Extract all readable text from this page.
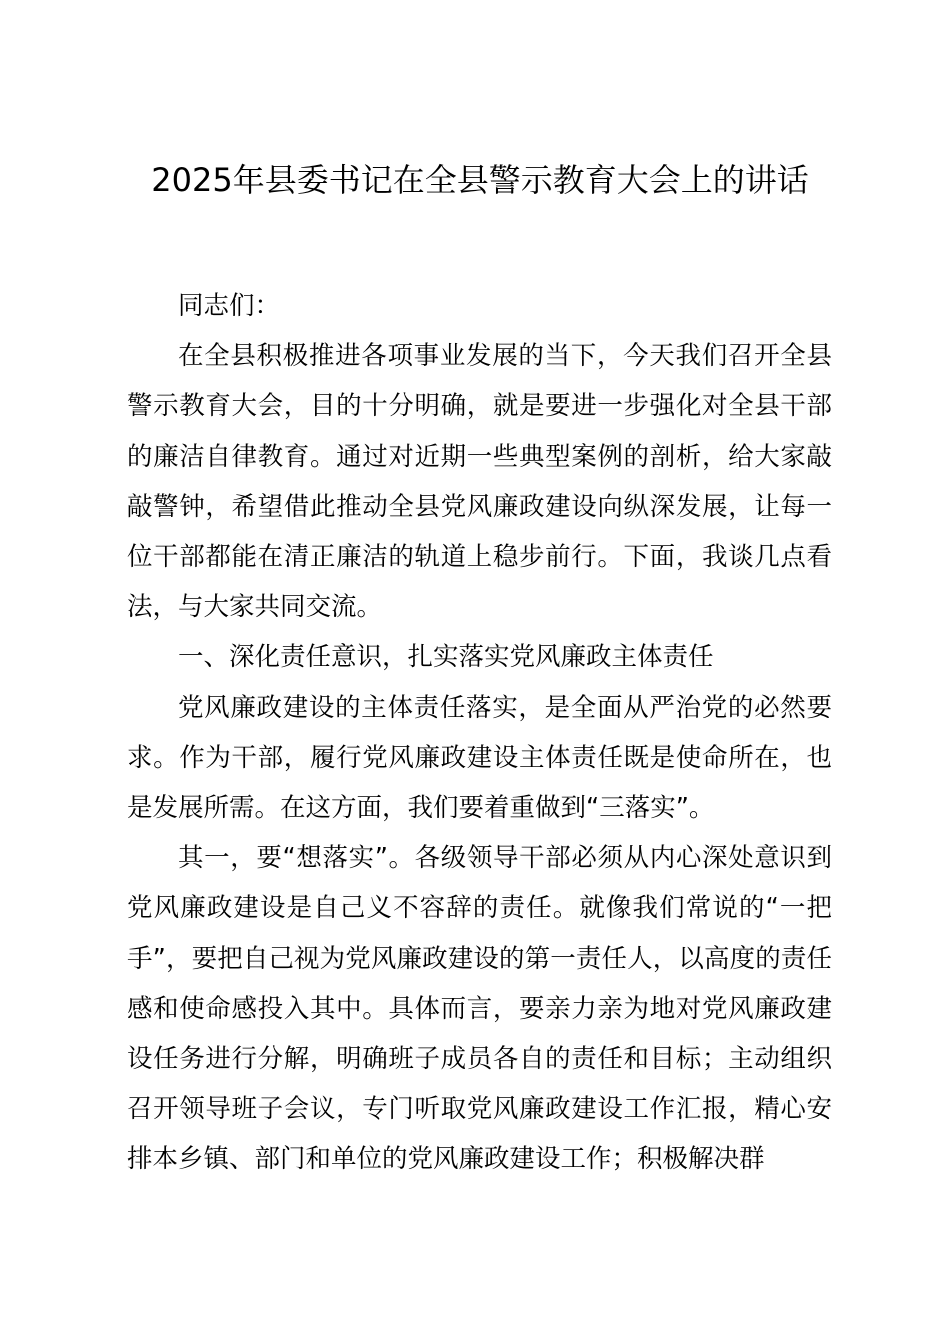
2025年县委书记在全县警示教育大会上的讲话

同志们：

在全县积极推进各项事业发展的当下，今天我们召开全县警示教育大会，目的十分明确，就是要进一步强化对全县干部的廉洁自律教育。通过对近期一些典型案例的剖析，给大家敲敲警钟，希望借此推动全县党风廉政建设向纵深发展，让每一位干部都能在清正廉洁的轨道上稳步前行。下面，我谈几点看法，与大家共同交流。

一、深化责任意识，扎实落实党风廉政主体责任

党风廉政建设的主体责任落实，是全面从严治党的必然要求。作为干部，履行党风廉政建设主体责任既是使命所在，也是发展所需。在这方面，我们要着重做到“三落实”。

其一，要“想落实”。各级领导干部必须从内心深处意识到党风廉政建设是自己义不容辞的责任。就像我们常说的“一把手”，要把自己视为党风廉政建设的第一责任人，以高度的责任感和使命感投入其中。具体而言，要亲力亲为地对党风廉政建设任务进行分解，明确班子成员各自的责任和目标；主动组织召开领导班子会议，专门听取党风廉政建设工作汇报，精心安排本乡镇、部门和单位的党风廉政建设工作；积极解决群
